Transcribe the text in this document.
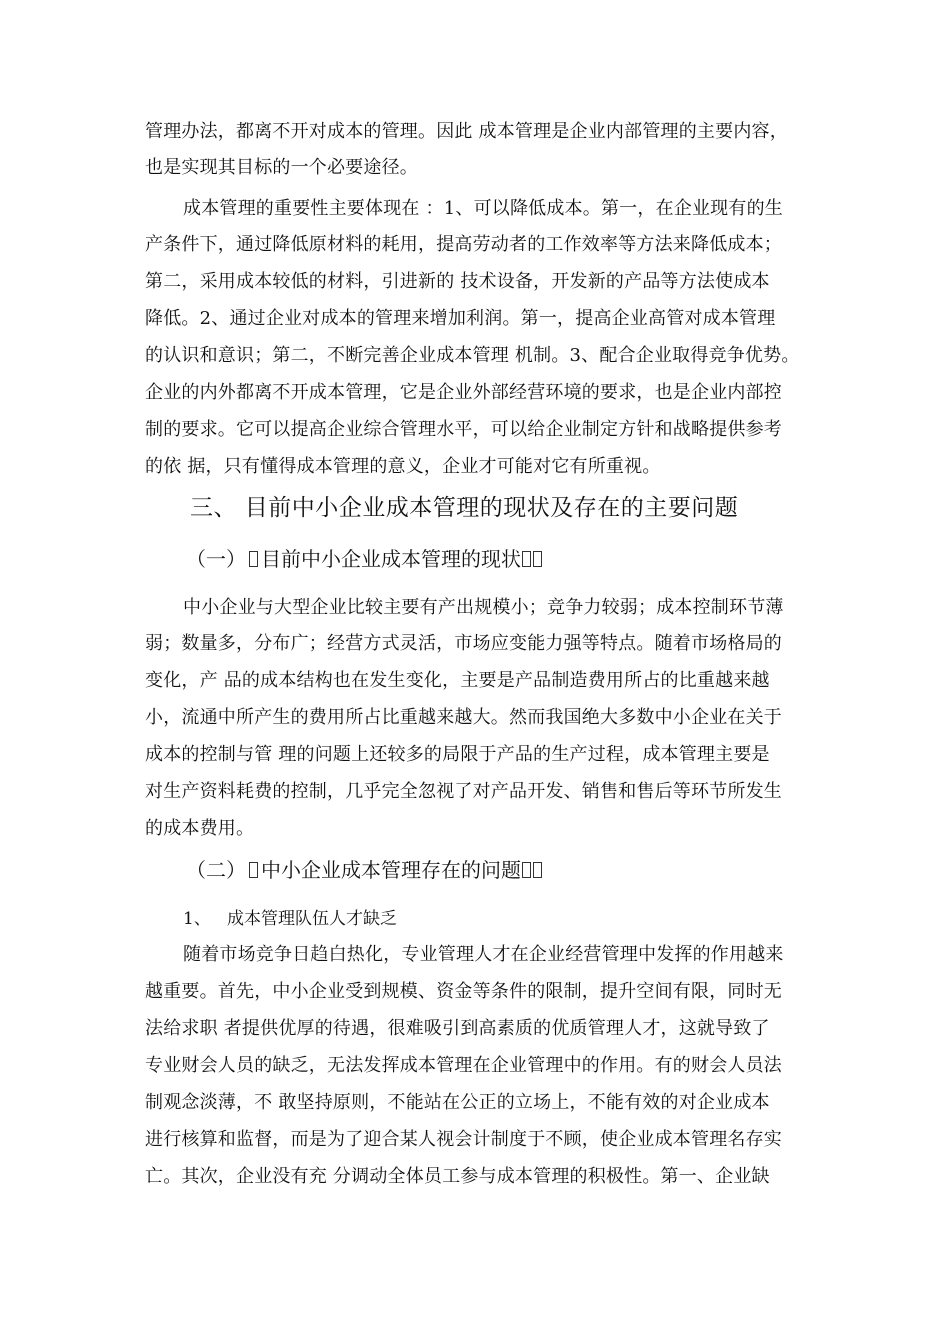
管理办法，都离不开对成本的管理。因此 成本管理是企业内部管理的主要内容，
也是实现其目标的一个必要途径。
成本管理的重要性主要体现在 ：1、可以降低成本。第一，在企业现有的生
产条件下，通过降低原材料的耗用，提高劳动者的工作效率等方法来降低成本；
第二，采用成本较低的材料，引进新的 技术设备，开发新的产品等方法使成本
降低。2、通过企业对成本的管理来增加利润。第一，提高企业高管对成本管理
的认识和意识；第二，不断完善企业成本管理 机制。3、配合企业取得竞争优势。
企业的内外都离不开成本管理，它是企业外部经营环境的要求，也是企业内部控
制的要求。它可以提高企业综合管理水平，可以给企业制定方针和战略提供参考
的依 据，只有懂得成本管理的意义，企业才可能对它有所重视。
三、 目前中小企业成本管理的现状及存在的主要问题
（一） 目前中小企业成本管理的现状
中小企业与大型企业比较主要有产出规模小；竞争力较弱；成本控制环节薄
弱；数量多，分布广；经营方式灵活，市场应变能力强等特点。随着市场格局的
变化，产 品的成本结构也在发生变化，主要是产品制造费用所占的比重越来越
小，流通中所产生的费用所占比重越来越大。然而我国绝大多数中小企业在关于
成本的控制与管 理的问题上还较多的局限于产品的生产过程，成本管理主要是
对生产资料耗费的控制，几乎完全忽视了对产品开发、销售和售后等环节所发生
的成本费用。
（二） 中小企业成本管理存在的问题
1、 成本管理队伍人才缺乏
随着市场竞争日趋白热化，专业管理人才在企业经营管理中发挥的作用越来
越重要。首先，中小企业受到规模、资金等条件的限制，提升空间有限，同时无
法给求职 者提供优厚的待遇，很难吸引到高素质的优质管理人才，这就导致了
专业财会人员的缺乏，无法发挥成本管理在企业管理中的作用。有的财会人员法
制观念淡薄，不 敢坚持原则，不能站在公正的立场上，不能有效的对企业成本
进行核算和监督，而是为了迎合某人视会计制度于不顾，使企业成本管理名存实
亡。其次，企业没有充 分调动全体员工参与成本管理的积极性。第一、企业缺
